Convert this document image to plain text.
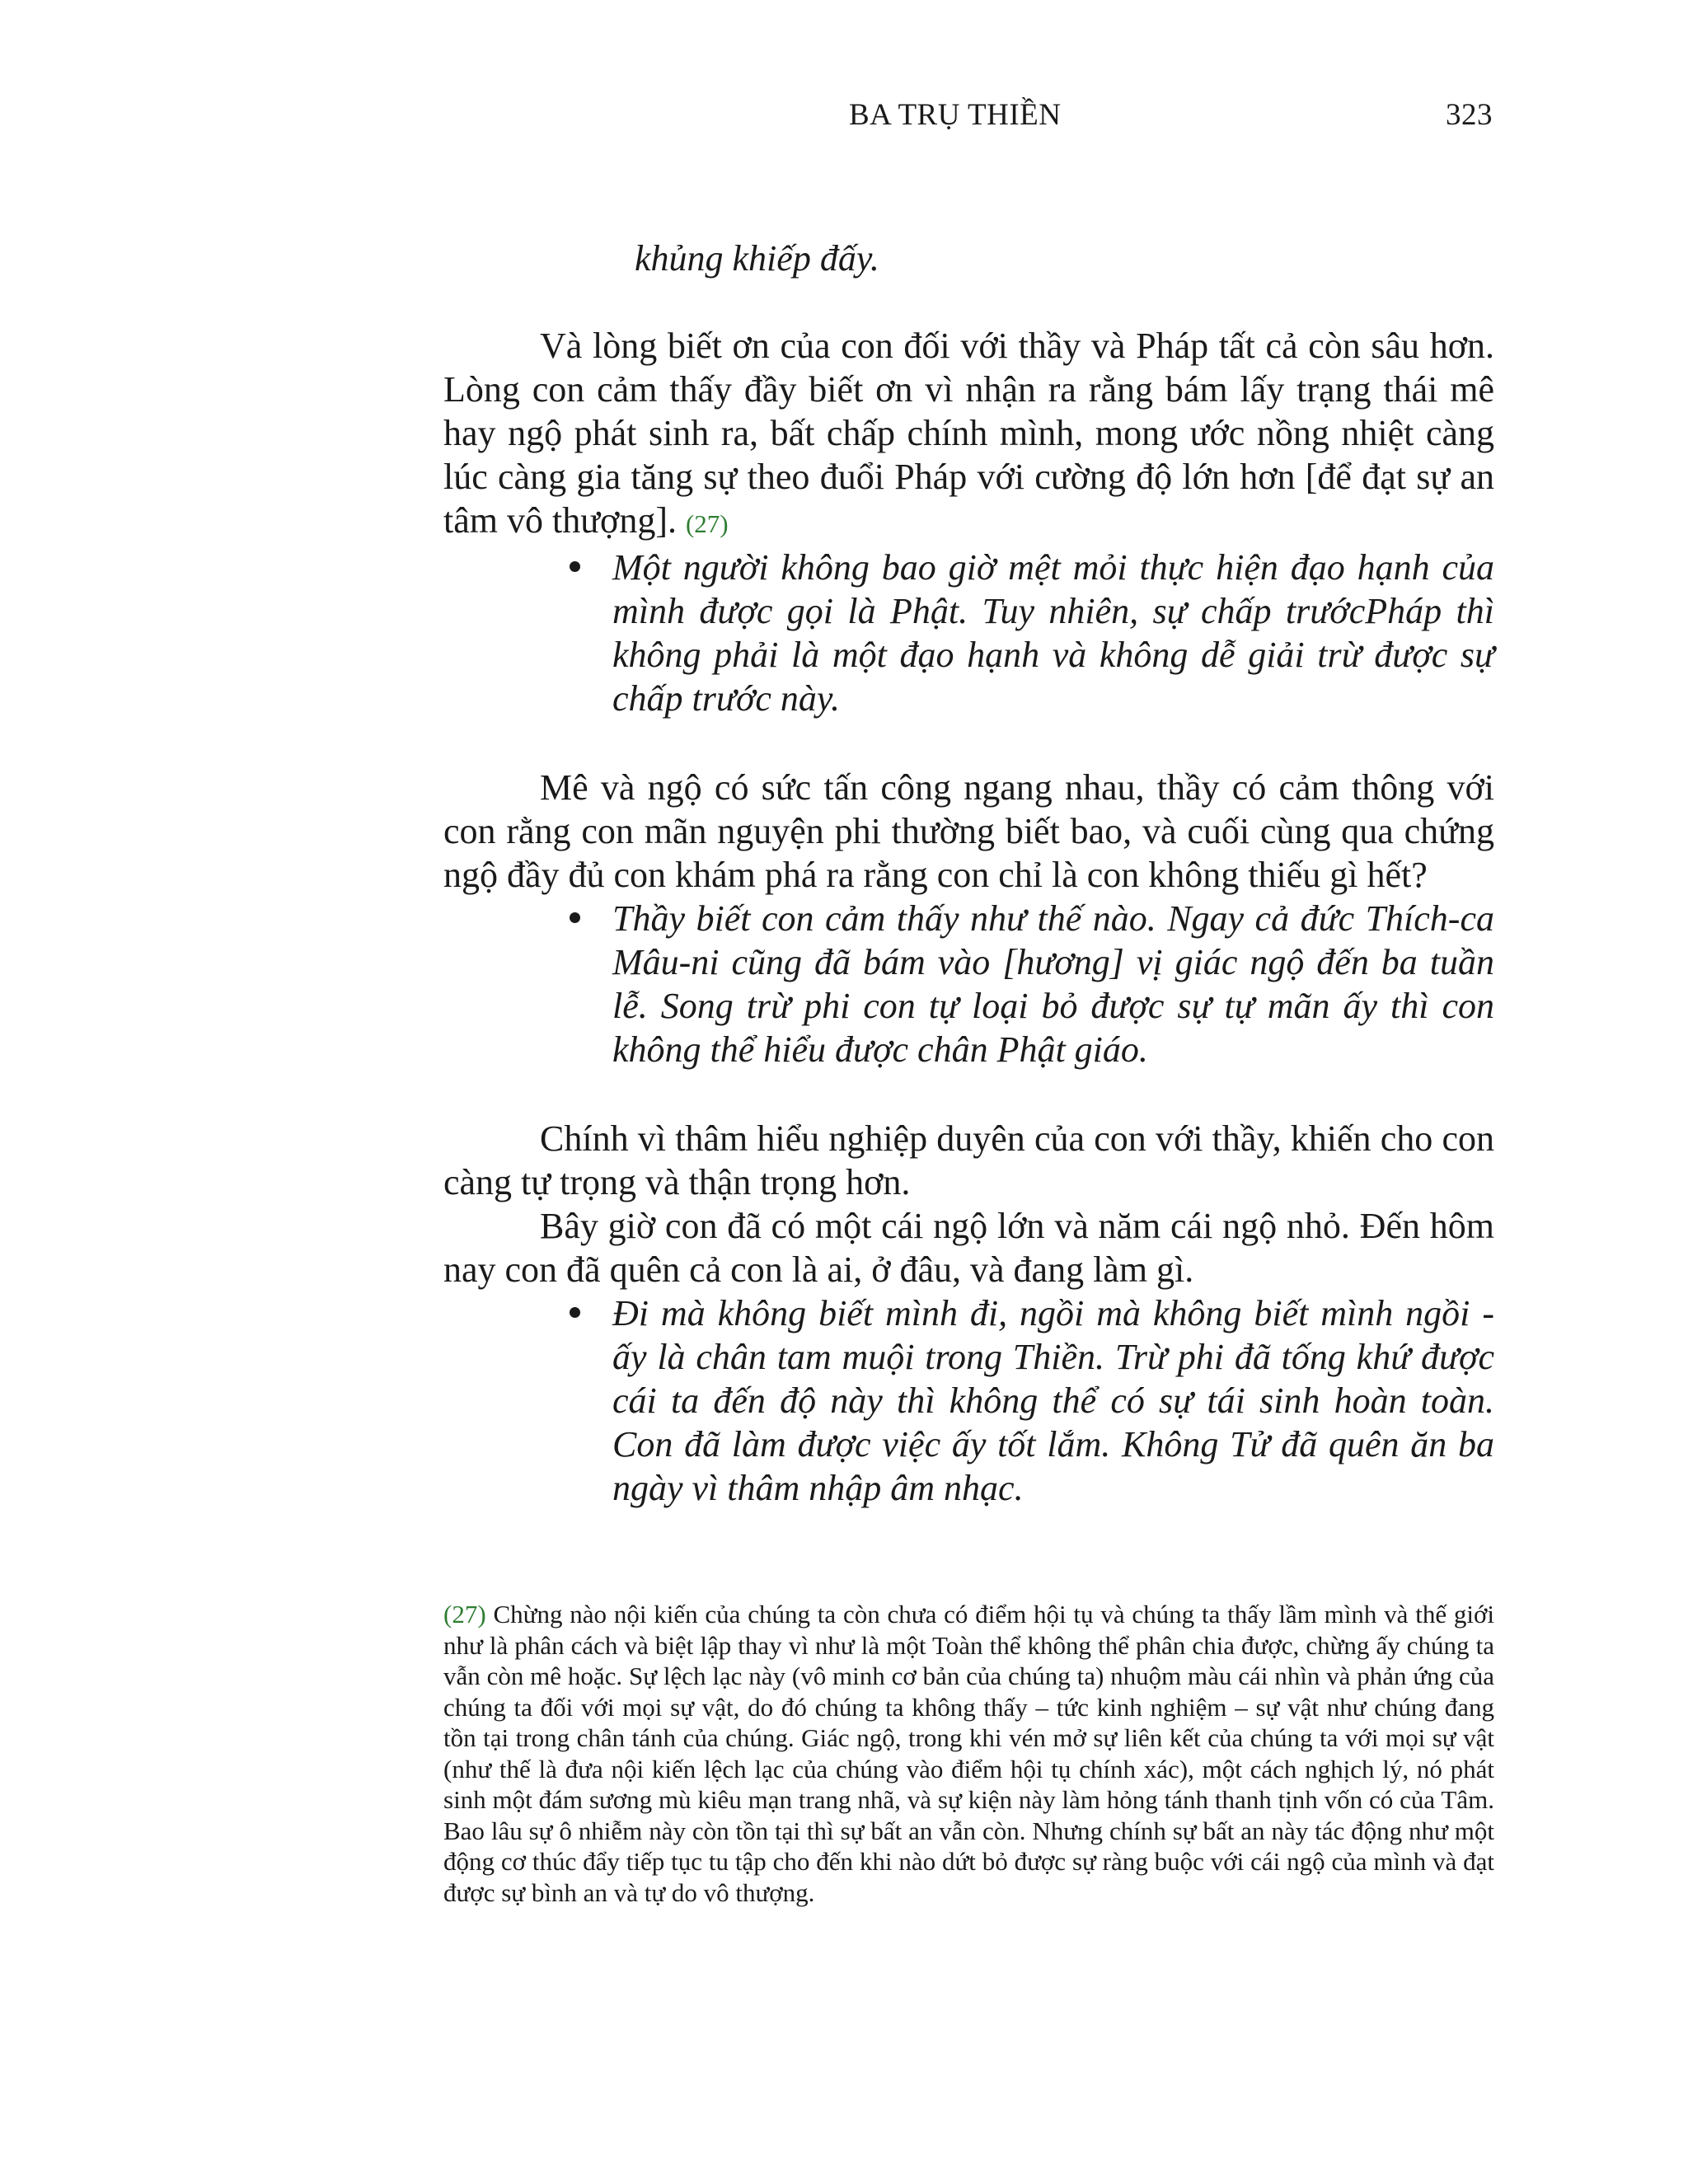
BA TRỤ THIỀN	323

khủng khiếp đấy.

Và lòng biết ơn của con đối với thầy và Pháp tất cả còn sâu hơn. Lòng con cảm thấy đầy biết ơn vì nhận ra rằng bám lấy trạng thái mê hay ngộ phát sinh ra, bất chấp chính mình, mong ước nồng nhiệt càng lúc càng gia tăng sự theo đuổi Pháp với cường độ lớn hơn [để đạt sự an tâm vô thượng]. (27)

Một người không bao giờ mệt mỏi thực hiện đạo hạnh của mình được gọi là Phật. Tuy nhiên, sự chấp trướcPháp thì không phải là một đạo hạnh và không dễ giải trừ được sự chấp trước này.

Mê và ngộ có sức tấn công ngang nhau, thầy có cảm thông với con rằng con mãn nguyện phi thường biết bao, và cuối cùng qua chứng ngộ đầy đủ con khám phá ra rằng con chỉ là con không thiếu gì hết?

Thầy biết con cảm thấy như thế nào. Ngay cả đức Thích-ca Mâu-ni cũng đã bám vào [hương] vị giác ngộ đến ba tuần lễ. Song trừ phi con tự loại bỏ được sự tự mãn ấy thì con không thể hiểu được chân Phật giáo.

Chính vì thâm hiểu nghiệp duyên của con với thầy, khiến cho con càng tự trọng và thận trọng hơn.

Bây giờ con đã có một cái ngộ lớn và năm cái ngộ nhỏ. Đến hôm nay con đã quên cả con là ai, ở đâu, và đang làm gì.

Đi mà không biết mình đi, ngồi mà không biết mình ngồi - ấy là chân tam muội trong Thiền. Trừ phi đã tống khứ được cái ta đến độ này thì không thể có sự tái sinh hoàn toàn. Con đã làm được việc ấy tốt lắm. Không Tử đã quên ăn ba ngày vì thâm nhập âm nhạc.
(27) Chừng nào nội kiến của chúng ta còn chưa có điểm hội tụ và chúng ta thấy lầm mình và thế giới như là phân cách và biệt lập thay vì như là một Toàn thể không thể phân chia được, chừng ấy chúng ta vẫn còn mê hoặc. Sự lệch lạc này (vô minh cơ bản của chúng ta) nhuộm màu cái nhìn và phản ứng của chúng ta đối với mọi sự vật, do đó chúng ta không thấy – tức kinh nghiệm – sự vật như chúng đang tồn tại trong chân tánh của chúng. Giác ngộ, trong khi vén mở sự liên kết của chúng ta với mọi sự vật (như thế là đưa nội kiến lệch lạc của chúng vào điểm hội tụ chính xác), một cách nghịch lý, nó phát sinh một đám sương mù kiêu mạn trang nhã, và sự kiện này làm hỏng tánh thanh tịnh vốn có của Tâm. Bao lâu sự ô nhiễm này còn tồn tại thì sự bất an vẫn còn. Nhưng chính sự bất an này tác động như một động cơ thúc đẩy tiếp tục tu tập cho đến khi nào dứt bỏ được sự ràng buộc với cái ngộ của mình và đạt được sự bình an và tự do vô thượng.
